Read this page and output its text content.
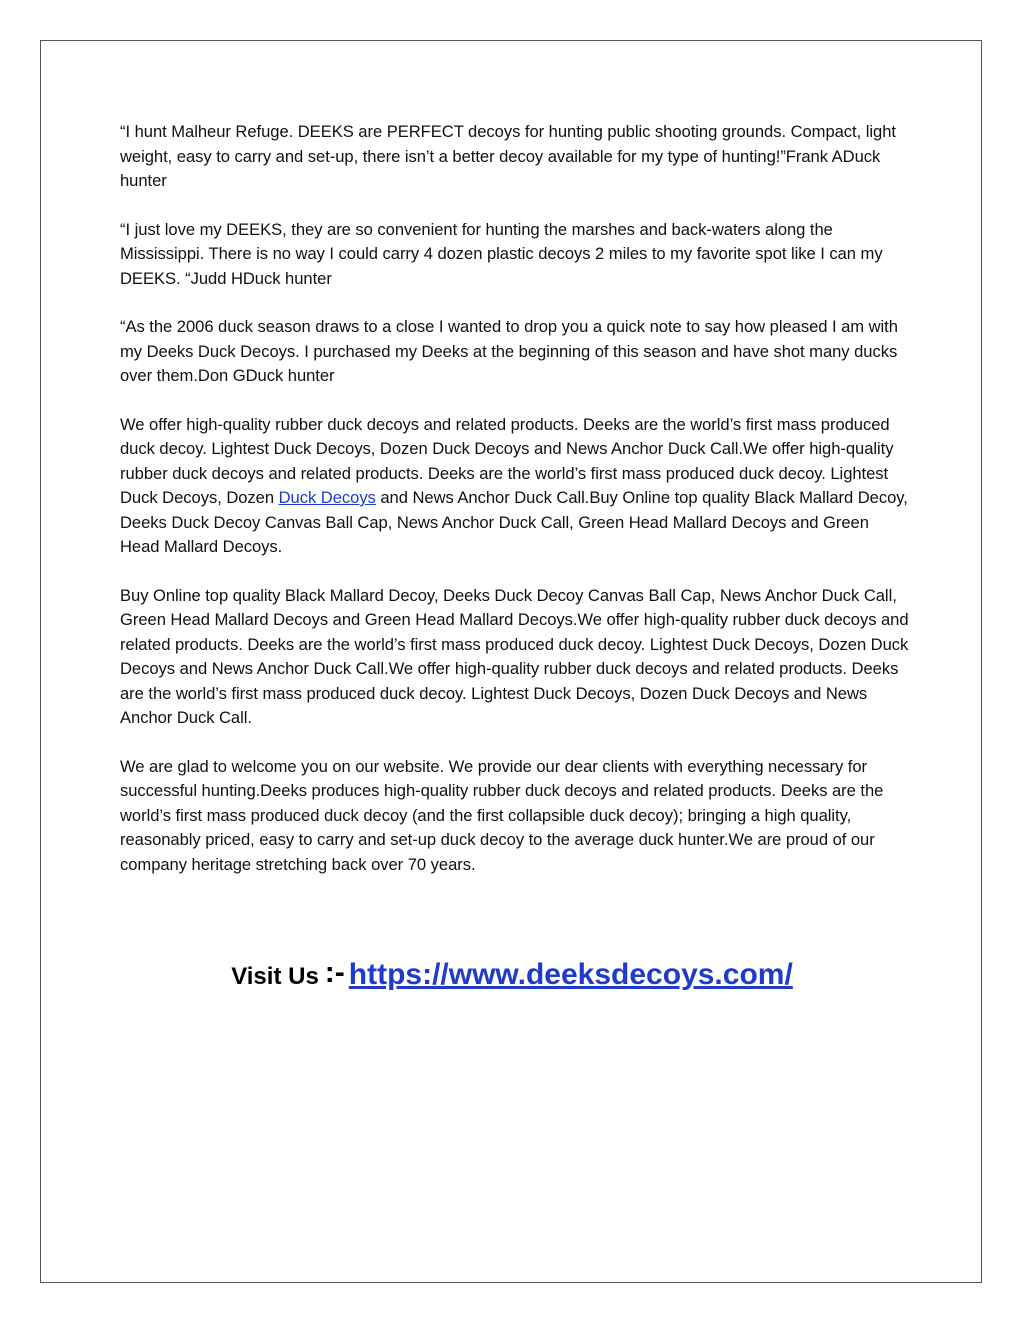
“I hunt Malheur Refuge. DEEKS are PERFECT decoys for hunting public shooting grounds. Compact, light weight, easy to carry and set-up, there isn’t a better decoy available for my type of hunting!”Frank ADuck hunter

“I just love my DEEKS, they are so convenient for hunting the marshes and back-waters along the Mississippi. There is no way I could carry 4 dozen plastic decoys 2 miles to my favorite spot like I can my DEEKS. “Judd HDuck hunter

“As the 2006 duck season draws to a close I wanted to drop you a quick note to say how pleased I am with my Deeks Duck Decoys. I purchased my Deeks at the beginning of this season and have shot many ducks over them.Don GDuck hunter

We offer high-quality rubber duck decoys and related products. Deeks are the world’s first mass produced duck decoy. Lightest Duck Decoys, Dozen Duck Decoys and News Anchor Duck Call.We offer high-quality rubber duck decoys and related products. Deeks are the world’s first mass produced duck decoy. Lightest Duck Decoys, Dozen Duck Decoys and News Anchor Duck Call.Buy Online top quality Black Mallard Decoy, Deeks Duck Decoy Canvas Ball Cap, News Anchor Duck Call, Green Head Mallard Decoys and Green Head Mallard Decoys.

Buy Online top quality Black Mallard Decoy, Deeks Duck Decoy Canvas Ball Cap, News Anchor Duck Call, Green Head Mallard Decoys and Green Head Mallard Decoys.We offer high-quality rubber duck decoys and related products. Deeks are the world’s first mass produced duck decoy. Lightest Duck Decoys, Dozen Duck Decoys and News Anchor Duck Call.We offer high-quality rubber duck decoys and related products. Deeks are the world’s first mass produced duck decoy. Lightest Duck Decoys, Dozen Duck Decoys and News Anchor Duck Call.

We are glad to welcome you on our website. We provide our dear clients with everything necessary for successful hunting.Deeks produces high-quality rubber duck decoys and related products. Deeks are the world’s first mass produced duck decoy (and the first collapsible duck decoy); bringing a high quality, reasonably priced, easy to carry and set-up duck decoy to the average duck hunter.We are proud of our company heritage stretching back over 70 years.

Visit Us :- https://www.deeksdecoys.com/
